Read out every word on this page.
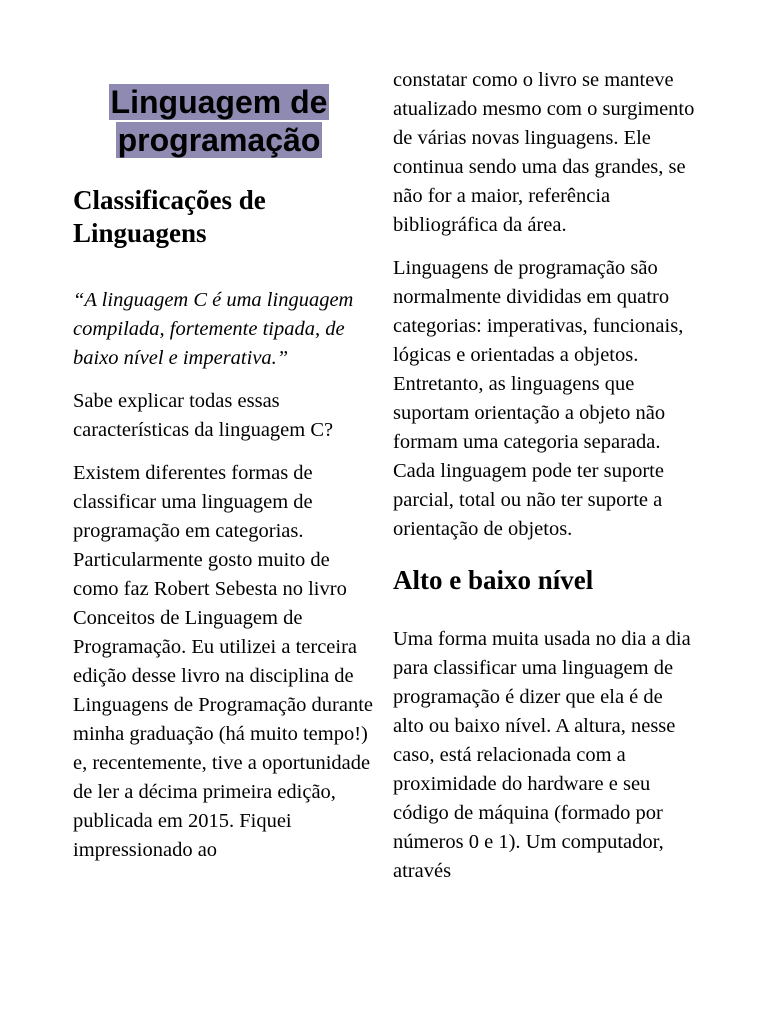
Linguagem de programação
Classificações de Linguagens

“A linguagem C é uma linguagem compilada, fortemente tipada, de baixo nível e imperativa.”

Sabe explicar todas essas características da linguagem C?

Existem diferentes formas de classificar uma linguagem de programação em categorias. Particularmente gosto muito de como faz Robert Sebesta no livro Conceitos de Linguagem de Programação. Eu utilizei a terceira edição desse livro na disciplina de Linguagens de Programação durante minha graduação (há muito tempo!) e, recentemente, tive a oportunidade de ler a décima primeira edição, publicada em 2015. Fiquei impressionado ao

constatar como o livro se manteve atualizado mesmo com o surgimento de várias novas linguagens. Ele continua sendo uma das grandes, se não for a maior, referência bibliográfica da área.

Linguagens de programação são normalmente divididas em quatro categorias: imperativas, funcionais, lógicas e orientadas a objetos. Entretanto, as linguagens que suportam orientação a objeto não formam uma categoria separada. Cada linguagem pode ter suporte parcial, total ou não ter suporte a orientação de objetos.

Alto e baixo nível

Uma forma muita usada no dia a dia para classificar uma linguagem de programação é dizer que ela é de alto ou baixo nível. A altura, nesse caso, está relacionada com a proximidade do hardware e seu código de máquina (formado por números 0 e 1). Um computador, através
